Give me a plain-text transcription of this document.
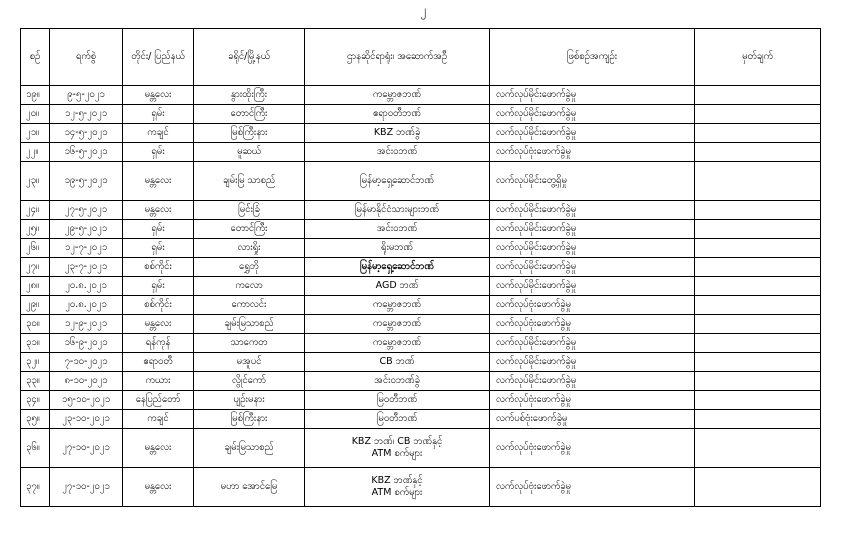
၂
စဉ်	ရက်စွဲ	တိုင်း/ ပြည်နယ်	ခရိုင်/မြို့နယ်	ဌာနဆိုင်ရာရုံး၊ အဆောက်အဦ	ဖြစ်စဉ်အကျဉ်း	မှတ်ချက်
၁၉။	၉-၅-၂၀၂၁	မန္တလေး	နွားထိုးကြီး	ကမ္ဘောဇဘဏ်	လက်လုပ်မိုင်းဖောက်ခွဲမှု	
၂၀။	၁၂-၅-၂၀၂၁	ရှမ်း	တောင်ကြီး	ဧရာဝတီဘဏ်	လက်လုပ်မိုင်းဖောက်ခွဲမှု	
၂၁။	၁၄-၅-၂၀၂၁	ကချင်	မြစ်ကြီးနား	KBZ ဘဏ်ခွဲ	လက်လုပ်မိုင်းဖောက်ခွဲမှု	
၂၂။	၁၆-၅-၂၀၂၁	ရှမ်း	မူဆယ်	အင်းဝဘဏ်	လက်လုပ်ဗုံးဖောက်ခွဲမှု	
၂၃။	၁၉-၅-၂၀၂၁	မန္တလေး	ချမ်းမြ သာစည်	မြန်မာ့ရှေ့ဆောင်ဘဏ်	လက်လုပ်မိုင်းတွေ့ရှိမှု	
၂၄။	၂၇-၅-၂၀၂၁	မန္တလေး	မြင်းခြံ	မြန်မာနိုင်ငံသားများဘဏ်	လက်လုပ်မိုင်းဖောက်ခွဲမှု	
၂၅။	၂၉-၅-၂၀၂၁	ရှမ်း	တောင်ကြီး	အင်းဝဘဏ်	လက်လုပ်မိုင်းဖောက်ခွဲမှု	
၂၆။	၁၂-၇-၂၀၂၁	ရှမ်း	လားရှိုး	ရိုးမဘဏ်	လက်လုပ်မိုင်းဖောက်ခွဲမှု	
၂၇။	၂၃-၇-၂၀၂၁	စစ်ကိုင်း	ရွှေဘို	မြန်မာ့ရှေ့ဆောင်ဘဏ်	လက်လုပ်မိုင်းဖောက်ခွဲမှု	
၂၈။	၂၀.၈.၂၀၂၁	ရှမ်း	ကလော	AGD ဘဏ်	လက်လုပ်မိုင်းဖောက်ခွဲမှု	
၂၉။	၂၀.၈.၂၀၂၁	စစ်ကိုင်း	ကောလင်း	ကမ္ဘောဇဘဏ်	လက်လုပ်ဗုံးဖောက်ခွဲမှု	
၃၀။	၁၂-၉-၂၀၂၁	မန္တလေး	ချမ်းမြသာစည်	ကမ္ဘောဇဘဏ်	လက်လုပ်ဗုံးဖောက်ခွဲမှု	
၃၁။	၁၆-၉-၂၀၂၁	ရန်ကုန်	သာကေတ	ကမ္ဘောဇဘဏ်	လက်လုပ်မိုင်းဖောက်ခွဲမှု	
၃၂။	၇-၁၀-၂၀၂၁	ဧရာဝတီ	မအူပင်	CB ဘဏ်	လက်လုပ်မိုင်းဖောက်ခွဲမှု	
၃၃။	၈-၁၀-၂၀၂၁	ကယား	လွိုင်ကော်	အင်းဝဘဏ်ခွဲ	လက်လုပ်မိုင်းဖောက်ခွဲမှု	
၃၄။	၁၅-၁၀-၂၀၂၁	နေပြည်တော်	ပျဉ်းမနား	မြဝတီဘဏ်	လက်လုပ်ဗုံးဖောက်ခွဲမှု	
၃၅။	၂၃-၁၀-၂၀၂၁	ကချင်	မြစ်ကြီးနား	မြဝတီဘဏ်	လက်ပစ်ဗုံးဖောက်ခွဲမှု	
၃၆။	၂၇-၁၀-၂၀၂၁	မန္တလေး	ချမ်းမြသာစည်	KBZ ဘဏ်၊ CB ဘဏ်နှင့်
ATM စက်များ	လက်လုပ်ဗုံးဖောက်ခွဲမှု	
၃၇။	၂၇-၁၀-၂၀၂၁	မန္တလေး	မဟာ အောင်မြေ	KBZ ဘဏ်နှင့်
ATM စက်များ	လက်လုပ်ဗုံးဖောက်ခွဲမှု	
